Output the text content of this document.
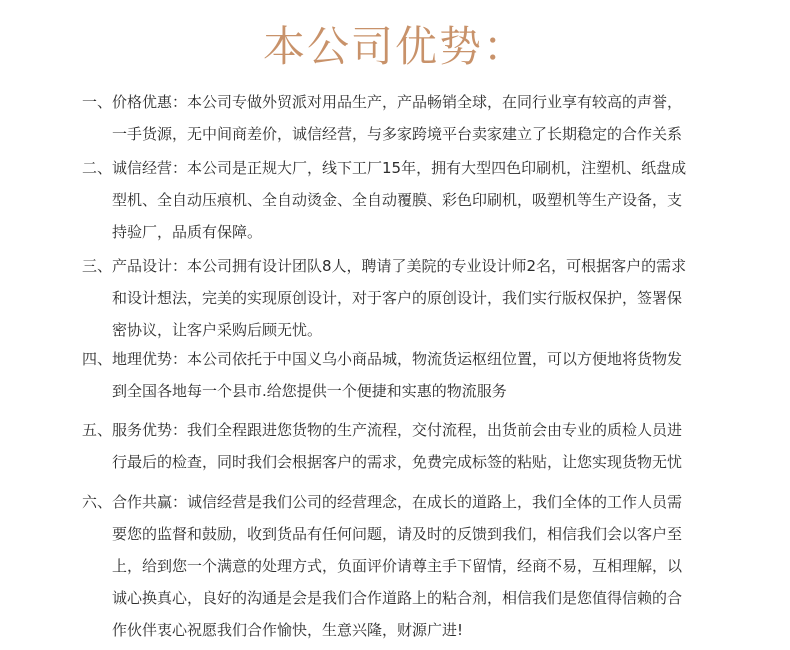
本公司优势：
一、价格优惠：本公司专做外贸派对用品生产，产品畅销全球，在同行业享有较高的声誉，
一手货源，无中间商差价，诚信经营，与多家跨境平台卖家建立了长期稳定的合作关系
二、诚信经营：本公司是正规大厂，线下工厂15年，拥有大型四色印刷机，注塑机、纸盘成
型机、全自动压痕机、全自动烫金、全自动覆膜、彩色印刷机，吸塑机等生产设备，支
持验厂，品质有保障。
三、产品设计：本公司拥有设计团队8人，聘请了美院的专业设计师2名，可根据客户的需求
和设计想法，完美的实现原创设计，对于客户的原创设计，我们实行版权保护，签署保
密协议，让客户采购后顾无忧。
四、地理优势：本公司依托于中国义乌小商品城，物流货运枢纽位置，可以方便地将货物发
到全国各地每一个县市.给您提供一个便捷和实惠的物流服务
五、服务优势：我们全程跟进您货物的生产流程，交付流程，出货前会由专业的质检人员进
行最后的检查，同时我们会根据客户的需求，免费完成标签的粘贴，让您实现货物无忧
六、合作共赢：诚信经营是我们公司的经营理念，在成长的道路上，我们全体的工作人员需
要您的监督和鼓励，收到货品有任何问题，请及时的反馈到我们，相信我们会以客户至
上，给到您一个满意的处理方式，负面评价请尊主手下留情，经商不易，互相理解，以
诚心换真心，良好的沟通是会是我们合作道路上的粘合剂，相信我们是您值得信赖的合
作伙伴衷心祝愿我们合作愉快，生意兴隆，财源广进!
